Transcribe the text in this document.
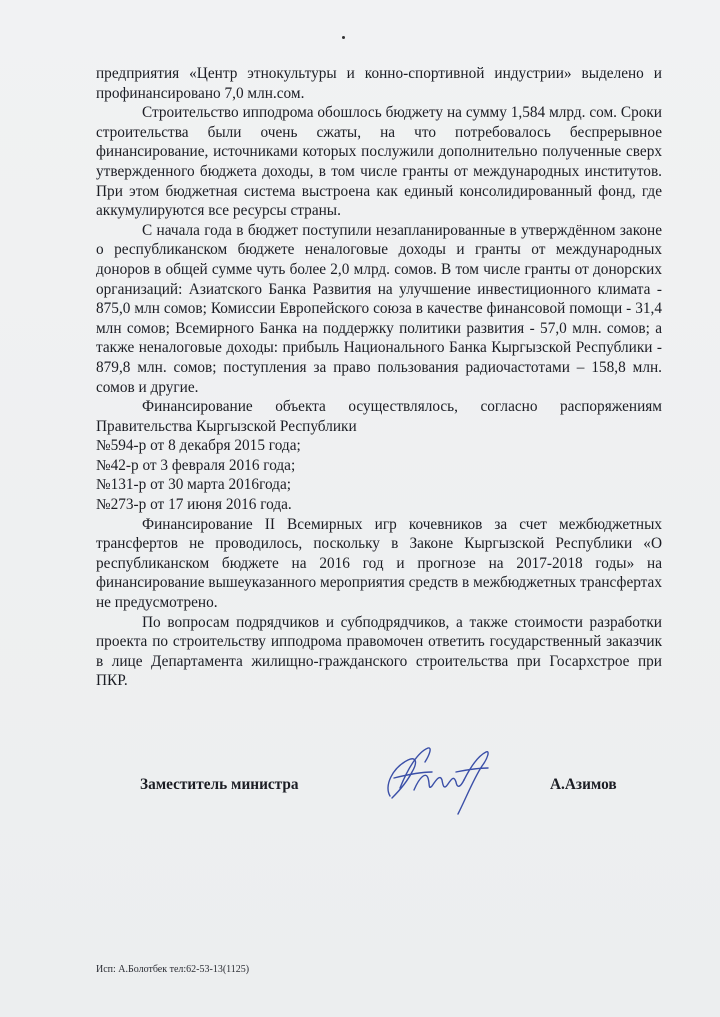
предприятия «Центр этнокультуры и конно-спортивной индустрии» выделено и профинансировано 7,0 млн.сом.

Строительство ипподрома обошлось бюджету на сумму 1,584 млрд. сом. Сроки строительства были очень сжаты, на что потребовалось беспрерывное финансирование, источниками которых послужили дополнительно полученные сверх утвержденного бюджета доходы, в том числе гранты от международных институтов. При этом бюджетная система выстроена как единый консолидированный фонд, где аккумулируются все ресурсы страны.

С начала года в бюджет поступили незапланированные в утверждённом законе о республиканском бюджете неналоговые доходы и гранты от международных доноров в общей сумме чуть более 2,0 млрд. сомов. В том числе гранты от донорских организаций: Азиатского Банка Развития на улучшение инвестиционного климата - 875,0 млн сомов; Комиссии Европейского союза в качестве финансовой помощи - 31,4 млн сомов; Всемирного Банка на поддержку политики развития - 57,0 млн. сомов; а также неналоговые доходы: прибыль Национального Банка Кыргызской Республики - 879,8 млн. сомов; поступления за право пользования радиочастотами – 158,8 млн. сомов и другие.

Финансирование объекта осуществлялось, согласно распоряжениям Правительства Кыргызской Республики

№594-р от 8 декабря 2015 года;

№42-р от 3 февраля 2016 года;

№131-р от 30 марта 2016года;

№273-р от 17 июня 2016 года.

Финансирование II Всемирных игр кочевников за счет межбюджетных трансфертов не проводилось, поскольку в Законе Кыргызской Республики «О республиканском бюджете на 2016 год и прогнозе на 2017-2018 годы» на финансирование вышеуказанного мероприятия средств в межбюджетных трансфертах не предусмотрено.

По вопросам подрядчиков и субподрядчиков, а также стоимости разработки проекта по строительству ипподрома правомочен ответить государственный заказчик в лице Департамента жилищно-гражданского строительства при Госархстрое при ПКР.

Заместитель министра	А.Азимов
Исп: А.Болотбек тел:62-53-13(1125)
